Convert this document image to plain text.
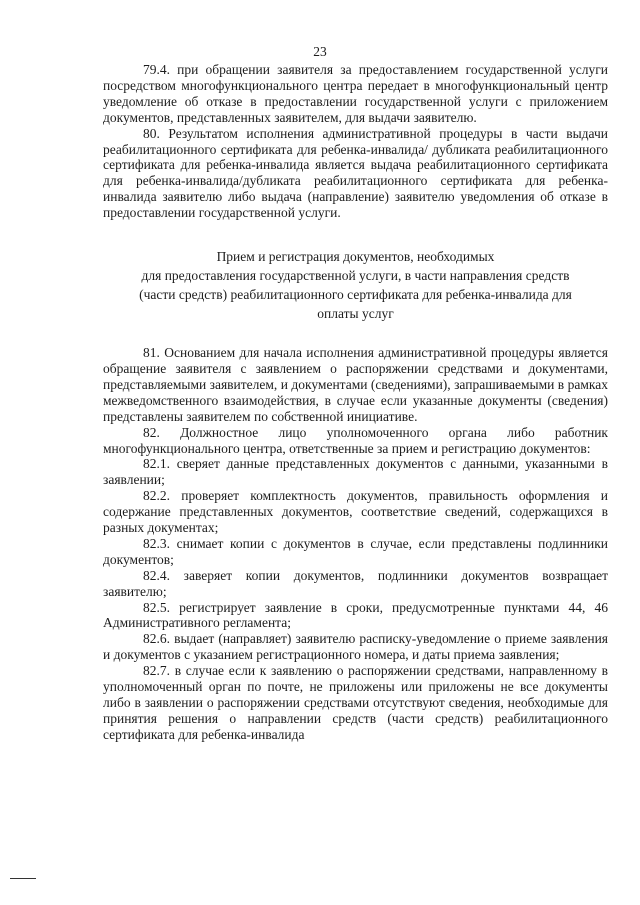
23

79.4. при обращении заявителя за предоставлением государственной услуги посредством многофункционального центра передает в многофункциональный центр уведомление об отказе в предоставлении государственной услуги с приложением документов, представленных заявителем, для выдачи заявителю.

80. Результатом исполнения административной процедуры в части выдачи реабилитационного сертификата для ребенка-инвалида/ дубликата реабилитационного сертификата для ребенка-инвалида является выдача реабилитационного сертификата для ребенка-инвалида/дубликата реабилитационного сертификата для ребенка-инвалида заявителю либо выдача (направление) заявителю уведомления об отказе в предоставлении государственной услуги.

Прием и регистрация документов, необходимых
для предоставления государственной услуги, в части направления средств
(части средств) реабилитационного сертификата для ребенка-инвалида для
оплаты услуг

81. Основанием для начала исполнения административной процедуры является обращение заявителя с заявлением о распоряжении средствами и документами, представляемыми заявителем, и документами (сведениями), запрашиваемыми в рамках межведомственного взаимодействия, в случае если указанные документы (сведения) представлены заявителем по собственной инициативе.

82. Должностное лицо уполномоченного органа либо работник многофункционального центра, ответственные за прием и регистрацию документов:

82.1. сверяет данные представленных документов с данными, указанными в заявлении;

82.2. проверяет комплектность документов, правильность оформления и содержание представленных документов, соответствие сведений, содержащихся в разных документах;

82.3. снимает копии с документов в случае, если представлены подлинники документов;

82.4. заверяет копии документов, подлинники документов возвращает заявителю;

82.5. регистрирует заявление в сроки, предусмотренные пунктами 44, 46 Административного регламента;

82.6. выдает (направляет) заявителю расписку-уведомление о приеме заявления и документов с указанием регистрационного номера, и даты приема заявления;

82.7. в случае если к заявлению о распоряжении средствами, направленному в уполномоченный орган по почте, не приложены или приложены не все документы либо в заявлении о распоряжении средствами отсутствуют сведения, необходимые для принятия решения о направлении средств (части средств) реабилитационного сертификата для ребенка-инвалида
